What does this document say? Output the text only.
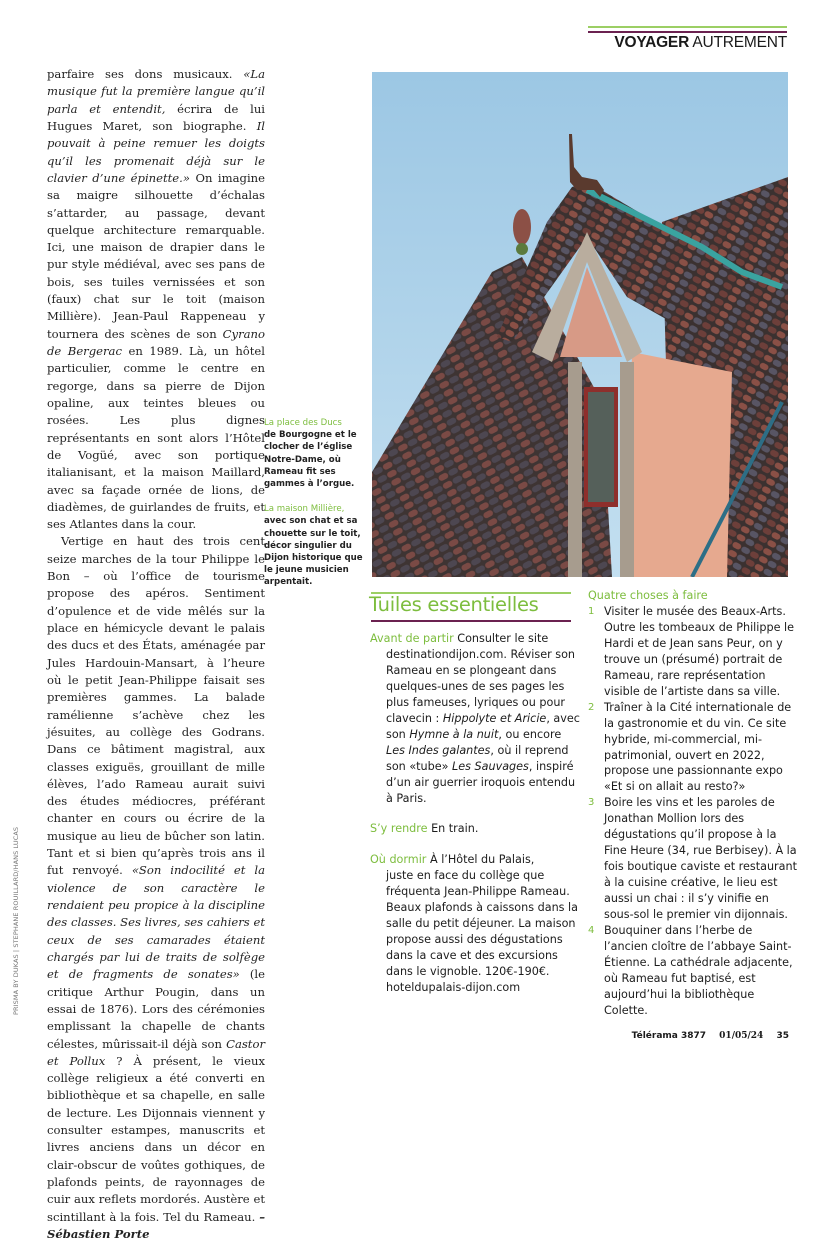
VOYAGER AUTREMENT

parfaire ses dons musicaux. «La musique fut la première langue qu’il parla et entendit, écrira de lui Hugues Maret, son biographe. Il pouvait à peine remuer les doigts qu’il les promenait déjà sur le clavier d’une épinette.» On imagine sa maigre silhouette d’échalas s’attarder, au passage, devant quelque architecture remarquable. Ici, une maison de drapier dans le pur style médiéval, avec ses pans de bois, ses tuiles vernissées et son (faux) chat sur le toit (maison Millière). Jean-Paul Rappeneau y tournera des scènes de son Cyrano de Bergerac en 1989. Là, un hôtel particulier, comme le centre en regorge, dans sa pierre de Dijon opaline, aux teintes bleues ou rosées. Les plus dignes représentants en sont alors l’Hôtel de Vogüé, avec son portique italianisant, et la maison Maillard, avec sa façade ornée de lions, de diadèmes, de guirlandes de fruits, et ses Atlantes dans la cour.

Vertige en haut des trois cent seize marches de la tour Philippe le Bon – où l’office de tourisme propose des apéros. Sentiment d’opulence et de vide mêlés sur la place en hémicycle devant le palais des ducs et des États, aménagée par Jules Hardouin-Mansart, à l’heure où le petit Jean-Philippe faisait ses premières gammes. La balade ramélienne s’achève chez les jésuites, au collège des Godrans. Dans ce bâtiment magistral, aux classes exiguës, grouillant de mille élèves, l’ado Rameau aurait suivi des études médiocres, préférant chanter en cours ou écrire de la musique au lieu de bûcher son latin. Tant et si bien qu’après trois ans il fut renvoyé. «Son indocilité et la violence de son caractère le rendaient peu propice à la discipline des classes. Ses livres, ses cahiers et ceux de ses camarades étaient chargés par lui de traits de solfège et de fragments de sonates» (le critique Arthur Pougin, dans un essai de 1876). Lors des cérémonies emplissant la chapelle de chants célestes, mûrissait-il déjà son Castor et Pollux ? À présent, le vieux collège religieux a été converti en bibliothèque et sa chapelle, en salle de lecture. Les Dijonnais viennent y consulter estampes, manuscrits et livres anciens dans un décor en clair-obscur de voûtes gothiques, de plafonds peints, de rayonnages de cuir aux reflets mordorés. Austère et scintillant à la fois. Tel du Rameau. – Sébastien Porte

La place des Ducs
de Bourgogne et le clocher de l’église Notre-Dame, où Rameau fit ses gammes à l’orgue.
La maison Millière,
avec son chat et sa chouette sur le toit, décor singulier du Dijon historique que le jeune musicien arpentait.
Tuiles essentielles
Avant de partir Consulter le site
destinationdijon.com. Réviser son Rameau en se plongeant dans quelques-unes de ses pages les plus fameuses, lyriques ou pour clavecin : Hippolyte et Aricie, avec son Hymne à la nuit, ou encore Les Indes galantes, où il reprend son «tube» Les Sauvages, inspiré d’un air guerrier iroquois entendu à Paris.
S’y rendre En train.
Où dormir À l’Hôtel du Palais,
juste en face du collège que fréquenta Jean-Philippe Rameau. Beaux plafonds à caissons dans la salle du petit déjeuner. La maison propose aussi des dégustations dans la cave et des excursions dans le vignoble. 120€-190€. hoteldupalais-dijon.com
Quatre choses à faire
1 Visiter le musée des Beaux-Arts. Outre les tombeaux de Philippe le Hardi et de Jean sans Peur, on y trouve un (présumé) portrait de Rameau, rare représentation visible de l’artiste dans sa ville.
2 Traîner à la Cité internationale de la gastronomie et du vin. Ce site hybride, mi-commercial, mi-patrimonial, ouvert en 2022, propose une passionnante expo «Et si on allait au resto?»
3 Boire les vins et les paroles de Jonathan Mollion lors des dégustations qu’il propose à la Fine Heure (34, rue Berbisey). À la fois boutique caviste et restaurant à la cuisine créative, le lieu est aussi un chai : il s’y vinifie en sous-sol le premier vin dijonnais.
4 Bouquiner dans l’herbe de l’ancien cloître de l’abbaye Saint-Étienne. La cathédrale adjacente, où Rameau fut baptisé, est aujourd’hui la bibliothèque Colette.
Télérama 3877 01/05/24 35
PRISMA BY DUKAS | STEPHANE ROUILLARD/HANS LUCAS
